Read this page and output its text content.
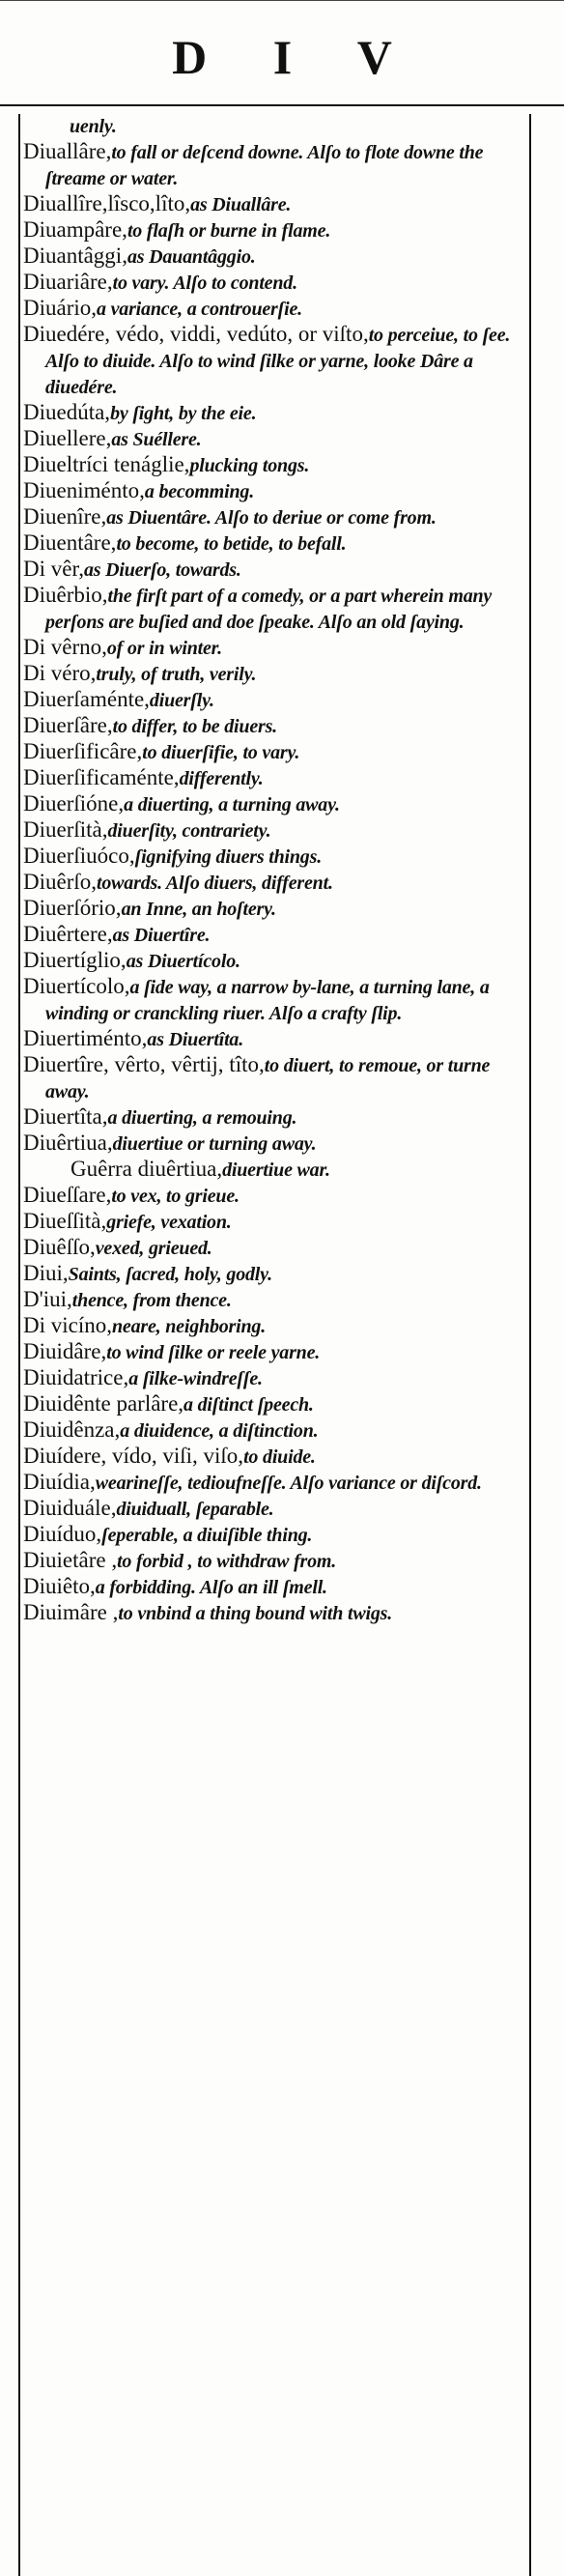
D I V

uenly.

Diuallâre,to fall or deſcend downe. Alſo to flote downe the ſtreame or water.

Diuallîre,lîsco,lîto,as Diuallâre.

Diuampâre,to flaſh or burne in flame.

Diuantâggi,as Dauantâggio.

Diuariâre,to vary. Alſo to contend.

Diuário,a variance, a controuerſie.

Diuedére, védo, viddi, vedúto, or viſto,to perceiue, to ſee. Alſo to diuide. Alſo to wind ſilke or yarne, looke Dâre a diuedére.

Diuedúta,by ſight, by the eie.

Diuellere,as Suéllere.

Diueltríci tenáglie,plucking tongs.

Diueniménto,a becomming.

Diuenîre,as Diuentâre. Alſo to deriue or come from.

Diuentâre,to become, to betide, to befall.

Di vêr,as Diuerſo, towards.

Diuêrbio,the firſt part of a comedy, or a part wherein many perſons are buſied and doe ſpeake. Alſo an old ſaying.

Di vêrno,of or in winter.

Di véro,truly, of truth, verily.

Diuerſaménte,diuerſly.

Diuerſâre,to differ, to be diuers.

Diuerſificâre,to diuerſifie, to vary.

Diuerſificaménte,differently.

Diuerſióne,a diuerting, a turning away.

Diuerſità,diuerſity, contrariety.

Diuerſiuóco,ſignifying diuers things.

Diuêrſo,towards. Alſo diuers, different.

Diuerſório,an Inne, an hoſtery.

Diuêrtere,as Diuertîre.

Diuertíglio,as Diuertícolo.

Diuertícolo,a ſide way, a narrow by-lane, a turning lane, a winding or cranckling riuer. Alſo a crafty ſlip.

Diuertiménto,as Diuertîta.

Diuertîre, vêrto, vêrtij, tîto,to diuert, to remoue, or turne away.

Diuertîta,a diuerting, a remouing.

Diuêrtiua,diuertiue or turning away.

Guêrra diuêrtiua,diuertiue war.

Diueſſare,to vex, to grieue.

Diueſſità,griefe, vexation.

Diuêſſo,vexed, grieued.

Diui,Saints, ſacred, holy, godly.

D'iui,thence, from thence.

Di vicíno,neare, neighboring.

Diuidâre,to wind ſilke or reele yarne.

Diuidatrice,a ſilke-windreſſe.

Diuidênte parlâre,a diſtinct ſpeech.

Diuidênza,a diuidence, a diſtinction.

Diuídere, vído, viſi, viſo,to diuide.

Diuídia,wearineſſe, tedioufneſſe. Alſo variance or diſcord.

Diuiduále,diuiduall, ſeparable.

Diuíduo,ſeperable, a diuiſible thing.

Diuietâre ,to forbid , to withdraw from.

Diuiêto,a forbidding. Alſo an ill ſmell.

Diuimâre ,to vnbind a thing bound with twigs.
